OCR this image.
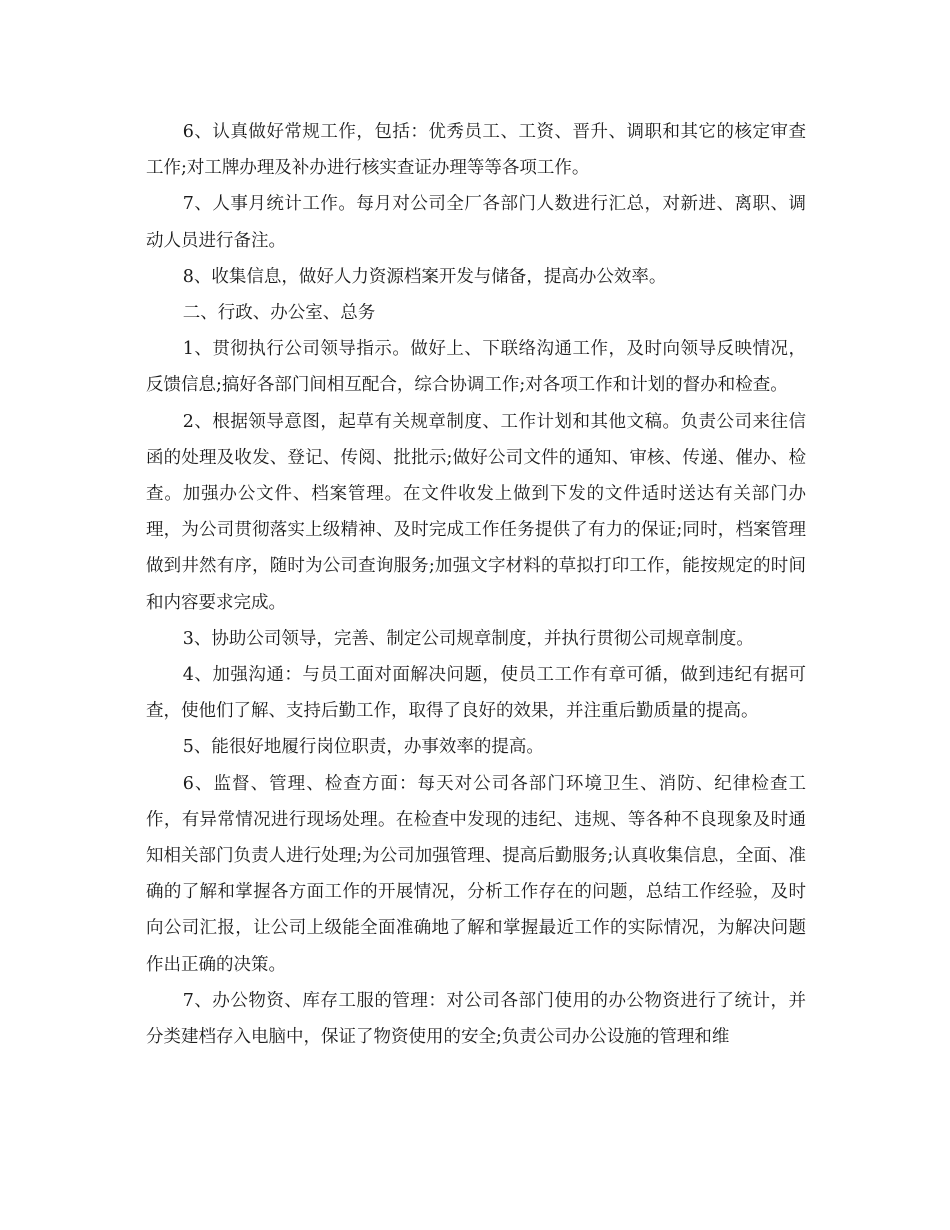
6、认真做好常规工作，包括：优秀员工、工资、晋升、调职和其它的核定审查工作;对工牌办理及补办进行核实查证办理等等各项工作。

7、人事月统计工作。每月对公司全厂各部门人数进行汇总，对新进、离职、调动人员进行备注。

8、收集信息，做好人力资源档案开发与储备，提高办公效率。

二、行政、办公室、总务

1、贯彻执行公司领导指示。做好上、下联络沟通工作，及时向领导反映情况，反馈信息;搞好各部门间相互配合，综合协调工作;对各项工作和计划的督办和检查。

2、根据领导意图，起草有关规章制度、工作计划和其他文稿。负责公司来往信函的处理及收发、登记、传阅、批批示;做好公司文件的通知、审核、传递、催办、检查。加强办公文件、档案管理。在文件收发上做到下发的文件适时送达有关部门办理，为公司贯彻落实上级精神、及时完成工作任务提供了有力的保证;同时，档案管理做到井然有序，随时为公司查询服务;加强文字材料的草拟打印工作，能按规定的时间和内容要求完成。

3、协助公司领导，完善、制定公司规章制度，并执行贯彻公司规章制度。

4、加强沟通：与员工面对面解决问题，使员工工作有章可循，做到违纪有据可查，使他们了解、支持后勤工作，取得了良好的效果，并注重后勤质量的提高。

5、能很好地履行岗位职责，办事效率的提高。

6、监督、管理、检查方面：每天对公司各部门环境卫生、消防、纪律检查工作，有异常情况进行现场处理。在检查中发现的违纪、违规、等各种不良现象及时通知相关部门负责人进行处理;为公司加强管理、提高后勤服务;认真收集信息，全面、准确的了解和掌握各方面工作的开展情况，分析工作存在的问题，总结工作经验，及时向公司汇报，让公司上级能全面准确地了解和掌握最近工作的实际情况，为解决问题作出正确的决策。

7、办公物资、库存工服的管理：对公司各部门使用的办公物资进行了统计，并分类建档存入电脑中，保证了物资使用的安全;负责公司办公设施的管理和维
